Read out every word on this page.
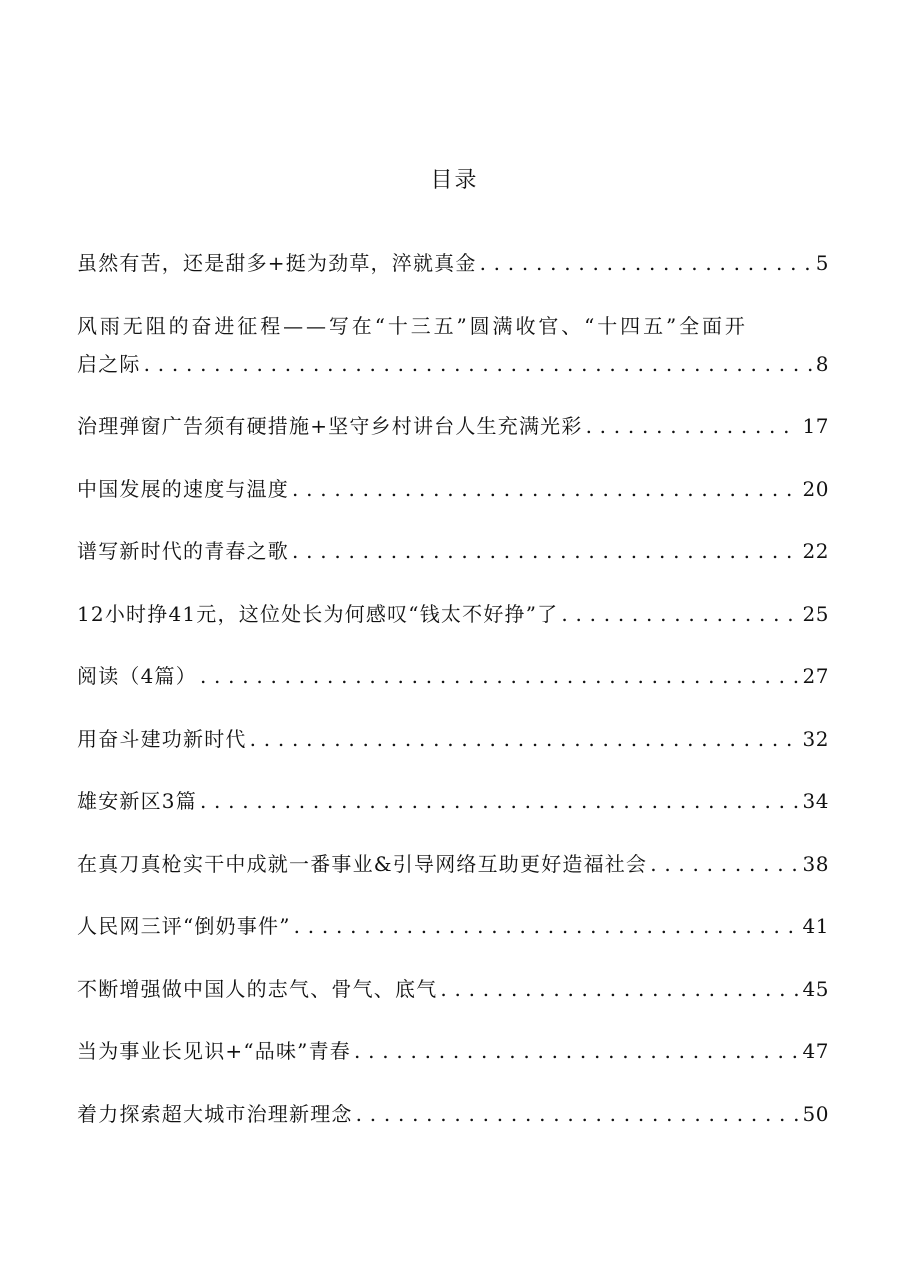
目录
虽然有苦，还是甜多+挺为劲草，淬就真金 . . .	5
风雨无阻的奋进征程——写在“十三五”圆满收官、“十四五”全面开
启之际 . . .	8
治理弹窗广告须有硬措施+坚守乡村讲台人生充满光彩 . . .	17
中国发展的速度与温度 . . .	20
谱写新时代的青春之歌 . . .	22
12小时挣41元，这位处长为何感叹“钱太不好挣”了 . . .	25
阅读（4篇） . . .	27
用奋斗建功新时代 . . .	32
雄安新区3篇 . . .	34
在真刀真枪实干中成就一番事业&引导网络互助更好造福社会 . . .	38
人民网三评“倒奶事件” . . .	41
不断增强做中国人的志气、骨气、底气 . . .	45
当为事业长见识+“品味”青春 . . .	47
着力探索超大城市治理新理念 . . .	50
